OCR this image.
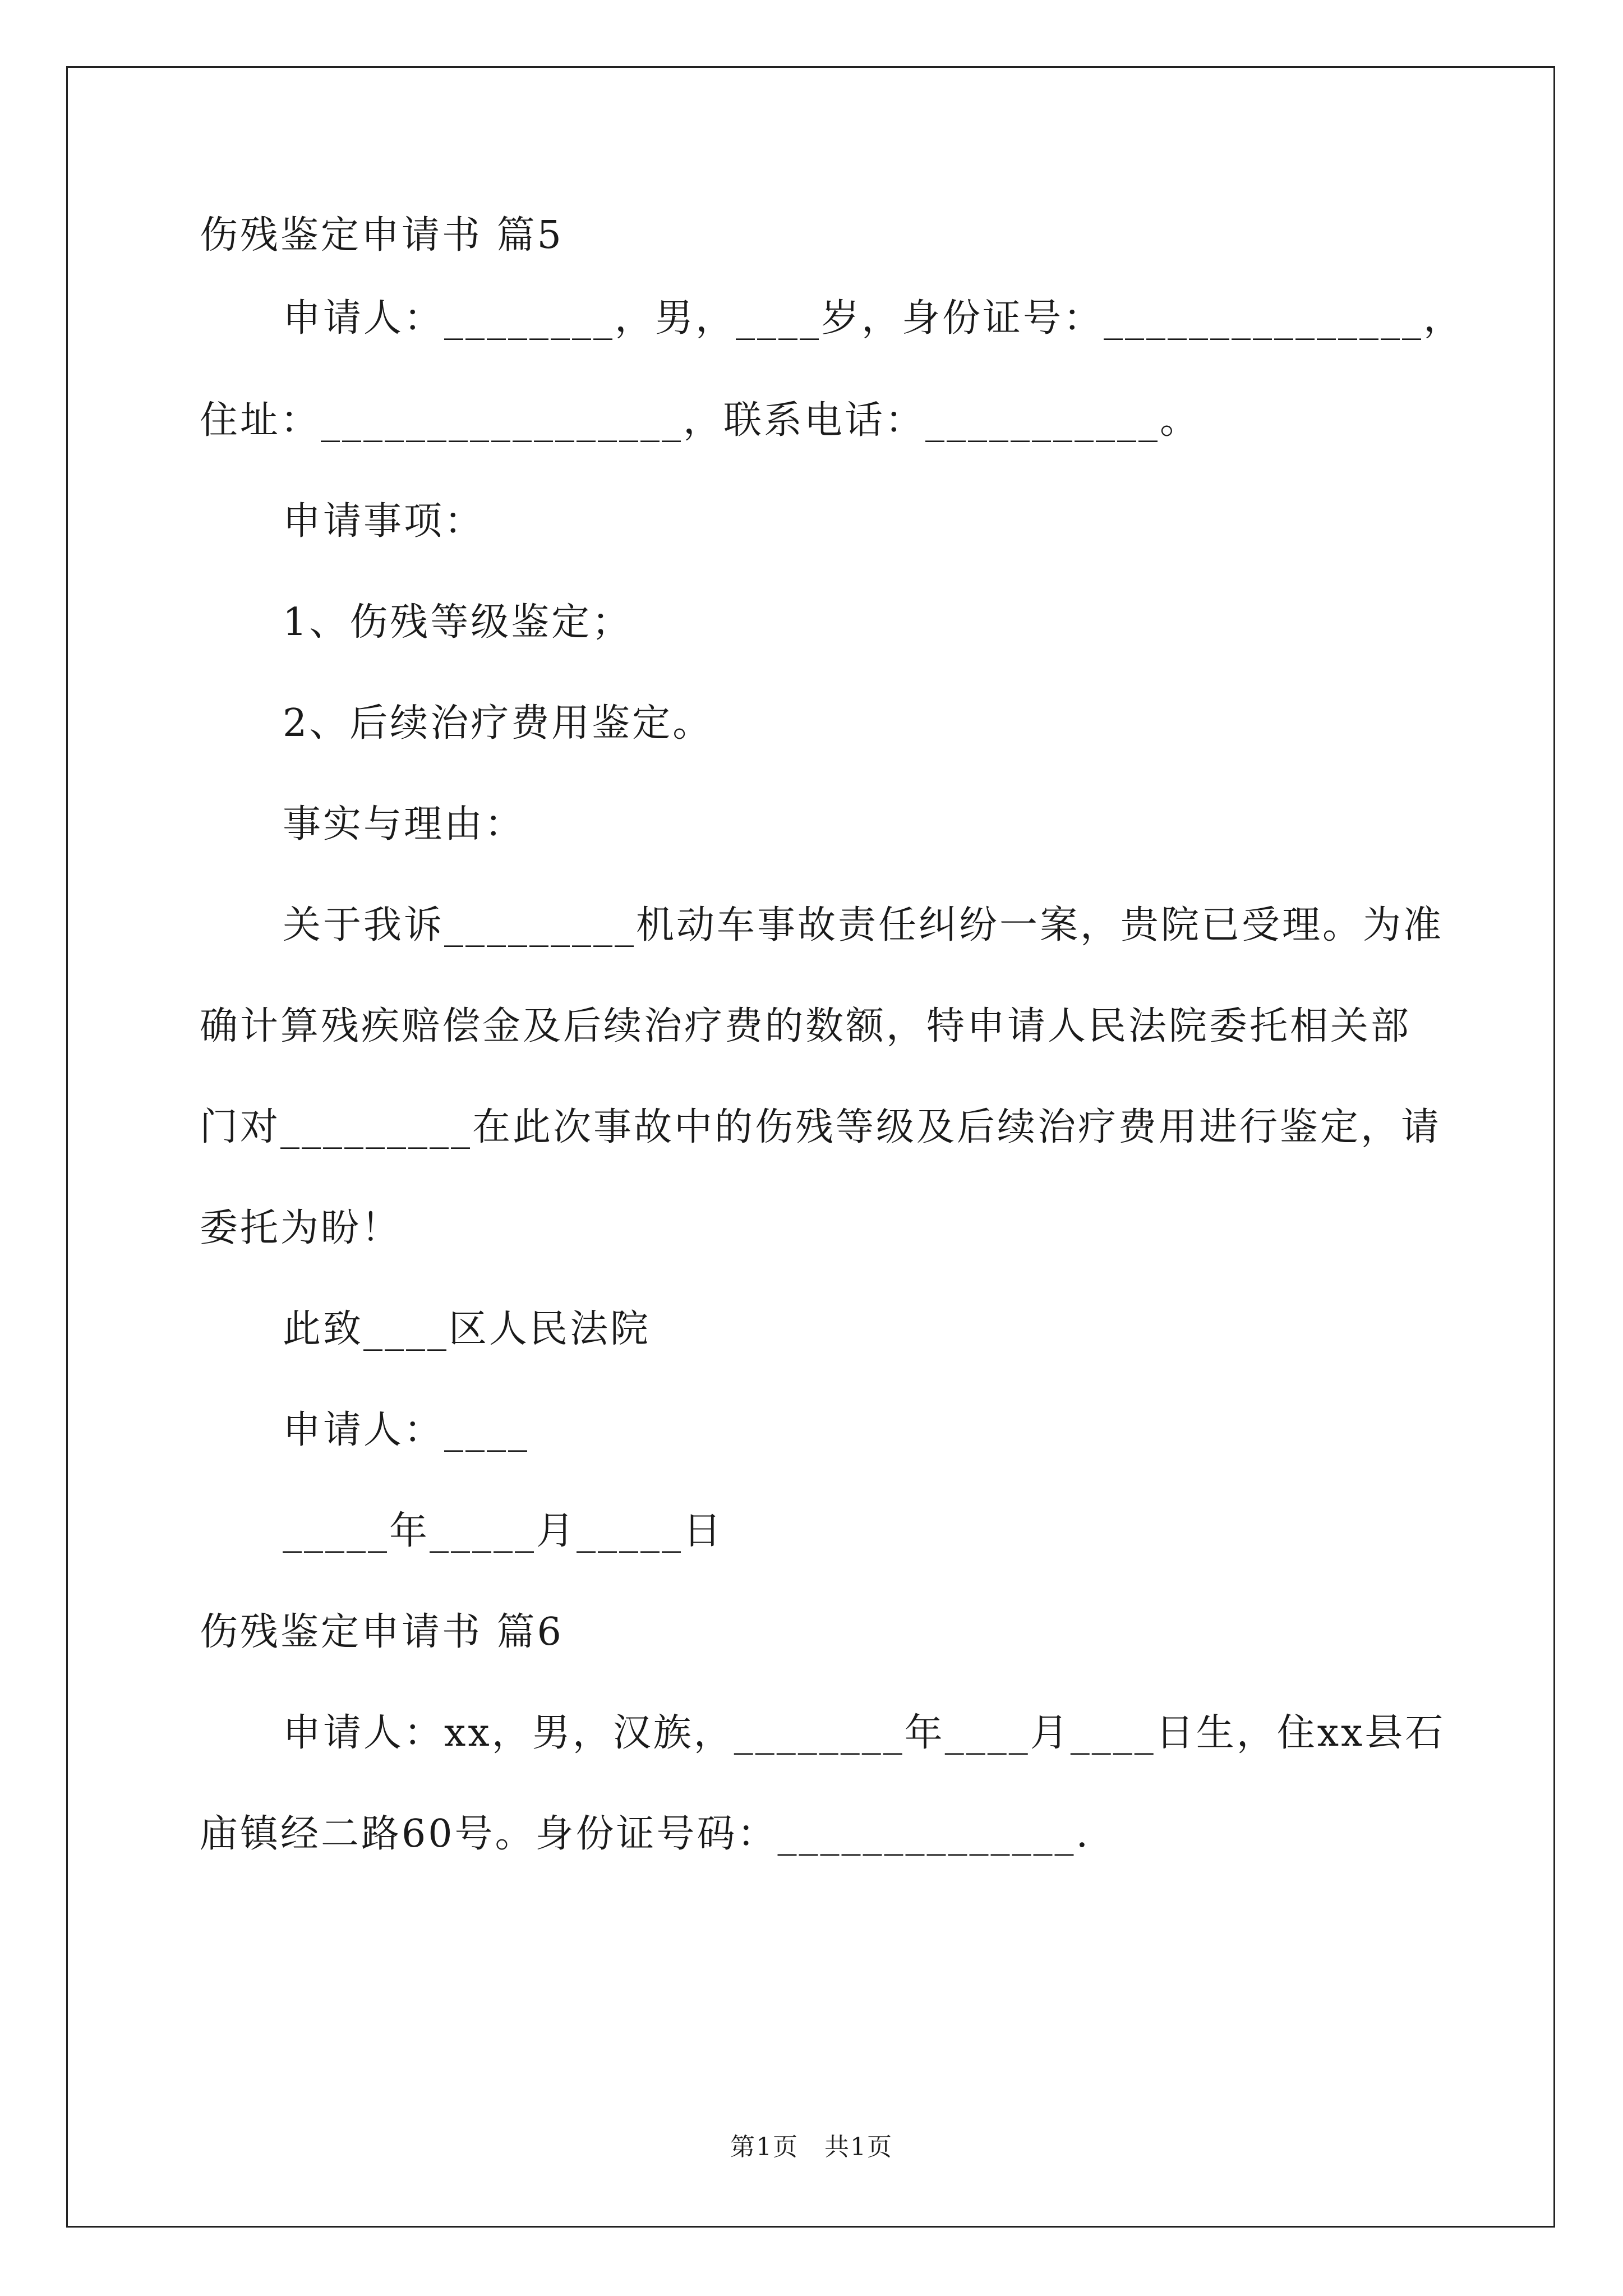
伤残鉴定申请书 篇5
申请人：________，男，____岁，身份证号：_______________，
住址：_________________，联系电话：___________。
申请事项：
1、伤残等级鉴定；
2、后续治疗费用鉴定。
事实与理由：
关于我诉_________机动车事故责任纠纷一案，贵院已受理。为准
确计算残疾赔偿金及后续治疗费的数额，特申请人民法院委托相关部
门对_________在此次事故中的伤残等级及后续治疗费用进行鉴定，请
委托为盼！
此致____区人民法院
申请人：____
_____年_____月_____日
伤残鉴定申请书 篇6
申请人：xx，男，汉族，________年____月____日生，住xx县石
庙镇经二路60号。身份证号码：______________.
第1页　共1页
